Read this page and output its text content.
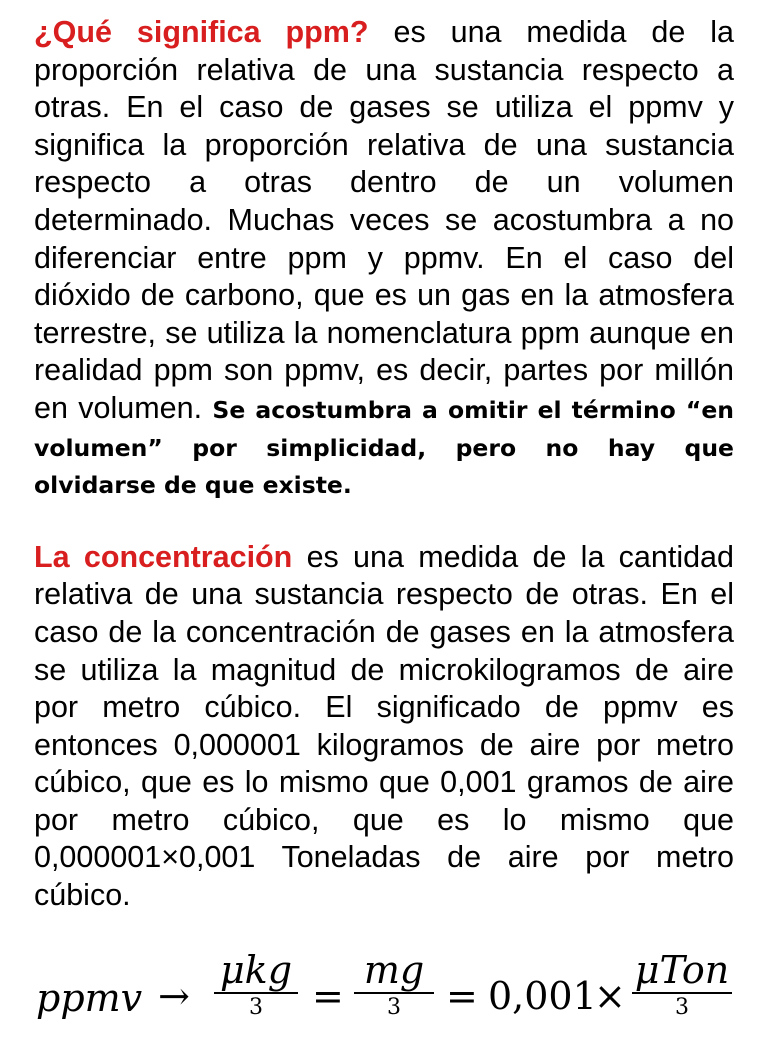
¿Qué significa ppm? es una medida de la proporción relativa de una sustancia respecto a otras. En el caso de gases se utiliza el ppmv y significa la proporción relativa de una sustancia respecto a otras dentro de un volumen determinado. Muchas veces se acostumbra a no diferenciar entre ppm y ppmv. En el caso del dióxido de carbono, que es un gas en la atmosfera terrestre, se utiliza la nomenclatura ppm aunque en realidad ppm son ppmv, es decir, partes por millón en volumen. Se acostumbra a omitir el término “en volumen” por simplicidad, pero no hay que olvidarse de que existe.

La concentración es una medida de la cantidad relativa de una sustancia respecto de otras. En el caso de la concentración de gases en la atmosfera se utiliza la magnitud de microkilogramos de aire por metro cúbico. El significado de ppmv es entonces 0,000001 kilogramos de aire por metro cúbico, que es lo mismo que 0,001 gramos de aire por metro cúbico, que es lo mismo que 0,000001×0,001 Toneladas de aire por metro cúbico.

ppmv →
μkg
3	=
mg
3	= 0,001
×
μTon
3
